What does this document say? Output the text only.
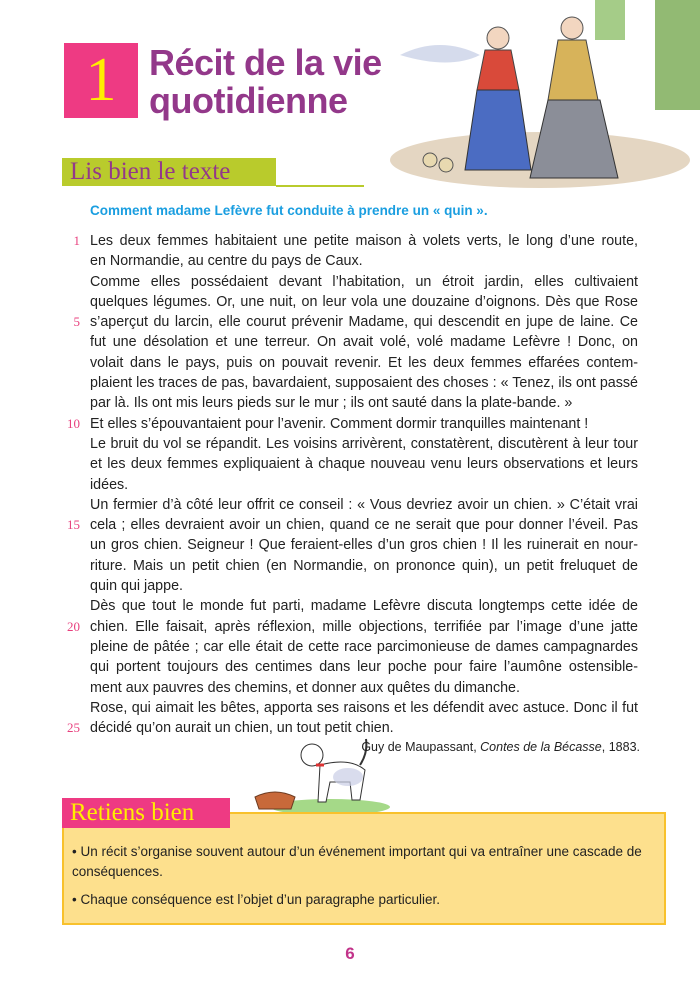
1 Récit de la vie
quotidienne
Lis bien le texte
Comment madame Lefèvre fut conduite à prendre un « quin ».
1 Les deux femmes habitaient une petite maison à volets verts, le long d’une route,
en Normandie, au centre du pays de Caux.
Comme elles possédaient devant l’habitation, un étroit jardin, elles cultivaient
quelques légumes. Or, une nuit, on leur vola une douzaine d’oignons. Dès que Rose
5 s’aperçut du larcin, elle courut prévenir Madame, qui descendit en jupe de laine. Ce
fut une désolation et une terreur. On avait volé, volé madame Lefèvre ! Donc, on
volait dans le pays, puis on pouvait revenir. Et les deux femmes effarées contem-
plaient les traces de pas, bavardaient, supposaient des choses : « Tenez, ils ont passé
par là. Ils ont mis leurs pieds sur le mur ; ils ont sauté dans la plate-bande. »
10 Et elles s’épouvantaient pour l’avenir. Comment dormir tranquilles maintenant !
Le bruit du vol se répandit. Les voisins arrivèrent, constatèrent, discutèrent à leur tour
et les deux femmes expliquaient à chaque nouveau venu leurs observations et leurs
idées.
Un fermier d’à côté leur offrit ce conseil : « Vous devriez avoir un chien. » C’était vrai
15 cela ; elles devraient avoir un chien, quand ce ne serait que pour donner l’éveil. Pas
un gros chien. Seigneur ! Que feraient-elles d’un gros chien ! Il les ruinerait en nour-
riture. Mais un petit chien (en Normandie, on prononce quin), un petit freluquet de
quin qui jappe.
Dès que tout le monde fut parti, madame Lefèvre discuta longtemps cette idée de
20 chien. Elle faisait, après réflexion, mille objections, terrifiée par l’image d’une jatte
pleine de pâtée ; car elle était de cette race parcimonieuse de dames campagnardes
qui portent toujours des centimes dans leur poche pour faire l’aumône ostensible-
ment aux pauvres des chemins, et donner aux quêtes du dimanche.
Rose, qui aimait les bêtes, apporta ses raisons et les défendit avec astuce. Donc il fut
25 décidé qu’on aurait un chien, un tout petit chien.
Guy de Maupassant, Contes de la Bécasse, 1883.
Retiens bien

• Un récit s’organise souvent autour d’un événement important qui va entraîner une cascade de conséquences.

• Chaque conséquence est l’objet d’un paragraphe particulier.

6
